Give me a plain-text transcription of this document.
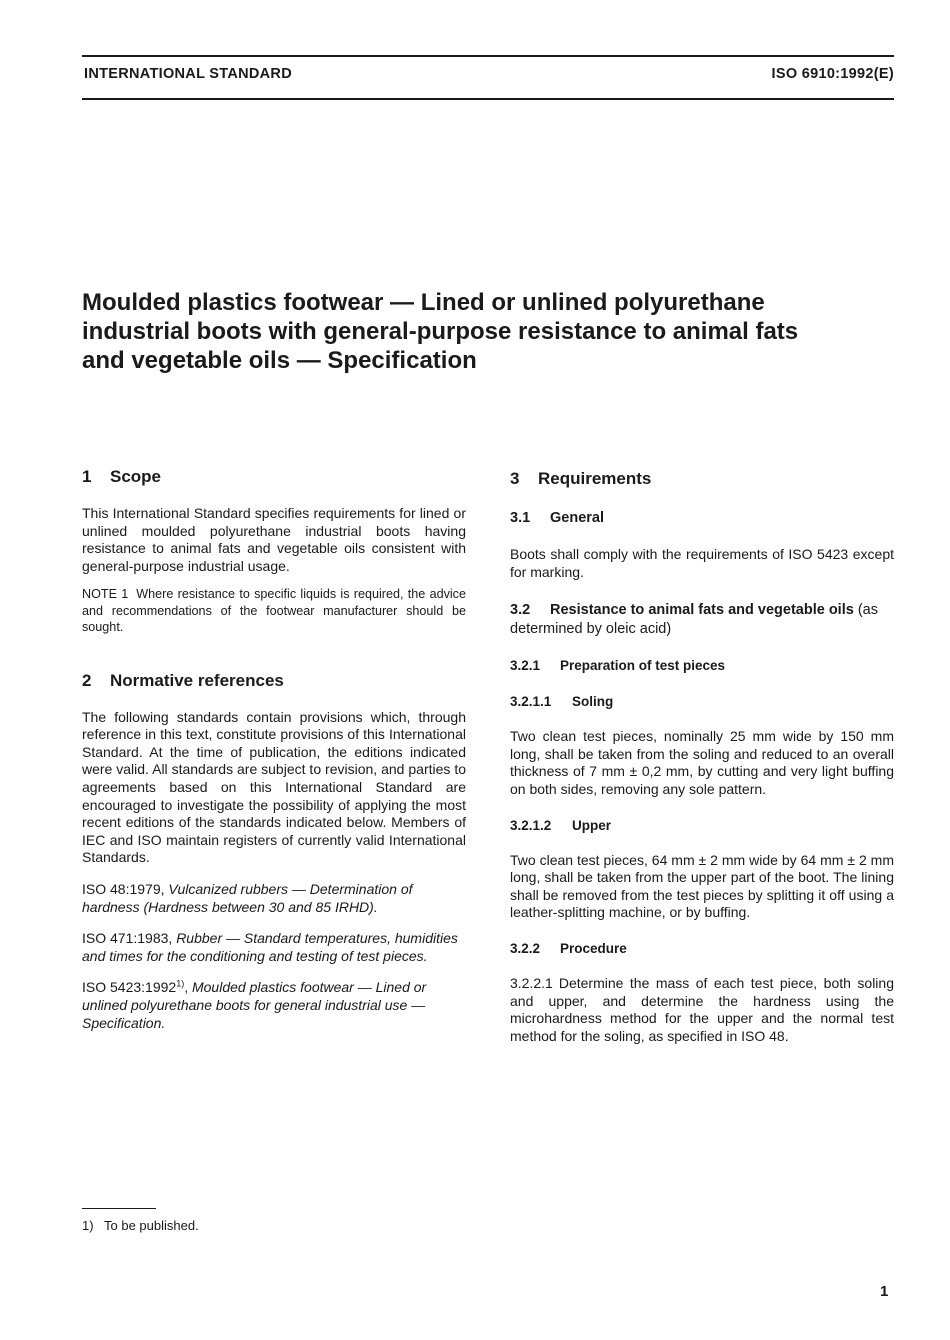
INTERNATIONAL STANDARD	ISO 6910:1992(E)
Moulded plastics footwear — Lined or unlined polyurethane
industrial boots with general-purpose resistance to animal fats
and vegetable oils — Specification
1 Scope

This International Standard specifies requirements for lined or unlined moulded polyurethane industrial boots having resistance to animal fats and vegetable oils consistent with general-purpose industrial usage.

NOTE 1 Where resistance to specific liquids is required, the advice and recommendations of the footwear manufacturer should be sought.

2 Normative references

The following standards contain provisions which, through reference in this text, constitute provisions of this International Standard. At the time of publication, the editions indicated were valid. All standards are subject to revision, and parties to agreements based on this International Standard are encouraged to investigate the possibility of applying the most recent editions of the standards indicated below. Members of IEC and ISO maintain registers of currently valid International Standards.

ISO 48:1979, Vulcanized rubbers — Determination of hardness (Hardness between 30 and 85 IRHD).

ISO 471:1983, Rubber — Standard temperatures, humidities and times for the conditioning and testing of test pieces.

ISO 5423:1992$^{1)}$, Moulded plastics footwear — Lined or unlined polyurethane boots for general industrial use — Specification.

3 Requirements
3.1 General

Boots shall comply with the requirements of ISO 5423 except for marking.

3.2 Resistance to animal fats and vegetable oils (as determined by oleic acid)
3.2.1 Preparation of test pieces
3.2.1.1 Soling

Two clean test pieces, nominally 25 mm wide by 150 mm long, shall be taken from the soling and reduced to an overall thickness of 7 mm ± 0,2 mm, by cutting and very light buffing on both sides, removing any sole pattern.

3.2.1.2 Upper

Two clean test pieces, 64 mm ± 2 mm wide by 64 mm ± 2 mm long, shall be taken from the upper part of the boot. The lining shall be removed from the test pieces by splitting it off using a leather-splitting machine, or by buffing.

3.2.2 Procedure

3.2.2.1 Determine the mass of each test piece, both soling and upper, and determine the hardness using the microhardness method for the upper and the normal test method for the soling, as specified in ISO 48.

1) To be published.
1
